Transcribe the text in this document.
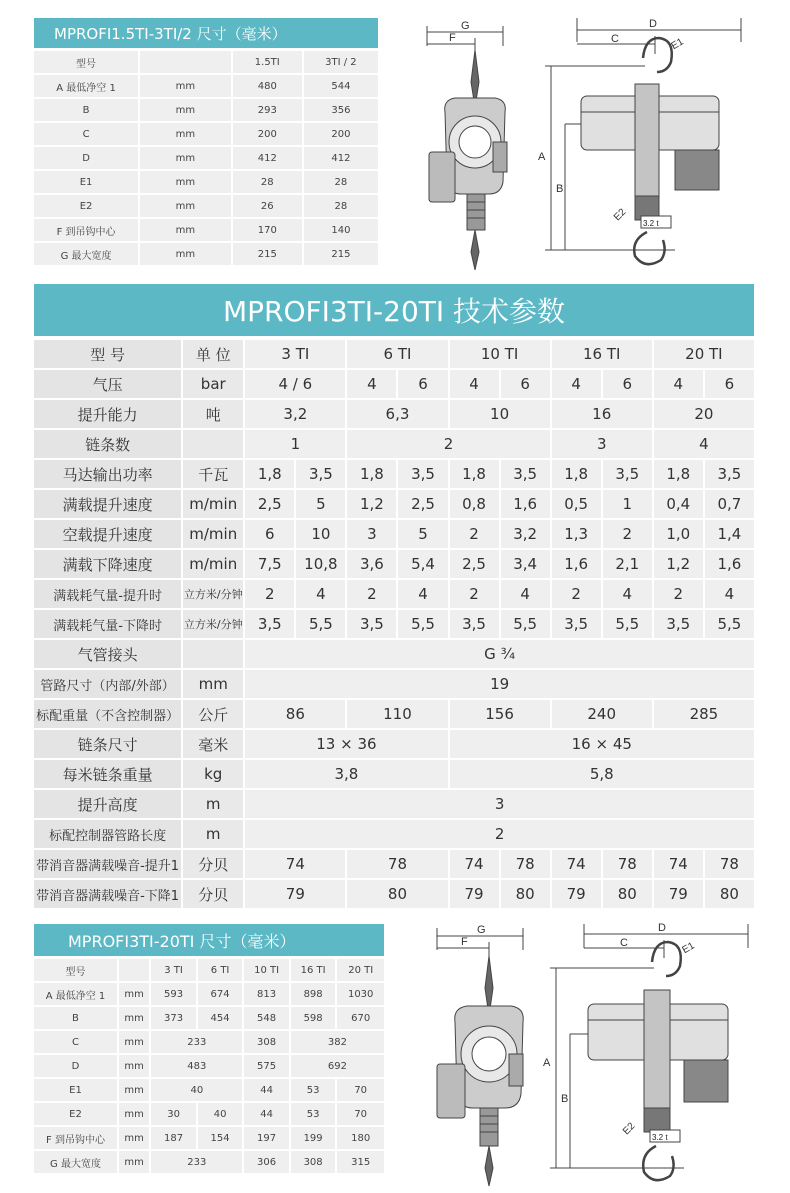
MPROFI1.5TI-3TI/2 尺寸（毫米）
型号		1.5TI	3TI / 2
A 最低净空 1	mm	480	544
B	mm	293	356
C	mm	200	200
D	mm	412	412
E1	mm	28	28
E2	mm	26	28
F 到吊钩中心	mm	170	140
G 最大宽度	mm	215	215
G
F
D
C	E1
A
B
E2
3.2 t
MPROFI3TI-20TI 技术参数
型 号	单 位	3 TI		6 TI		10 TI		16 TI		20 TI	
气压	bar	4 / 6		4	6	4	6	4	6	4	6
提升能力	吨	3,2		6,3		10		16		20	
链条数		1		2				3		4	
马达输出功率	千瓦	1,8	3,5	1,8	3,5	1,8	3,5	1,8	3,5	1,8	3,5
满载提升速度	m/min	2,5	5	1,2	2,5	0,8	1,6	0,5	1	0,4	0,7
空载提升速度	m/min	6	10	3	5	2	3,2	1,3	2	1,0	1,4
满载下降速度	m/min	7,5	10,8	3,6	5,4	2,5	3,4	1,6	2,1	1,2	1,6
满载耗气量-提升时	立方米/分钟	2	4	2	4	2	4	2	4	2	4
满载耗气量-下降时	立方米/分钟	3,5	5,5	3,5	5,5	3,5	5,5	3,5	5,5	3,5	5,5
气管接头		G ¾									
管路尺寸（内部/外部）	mm	19									
标配重量（不含控制器）	公斤	86		110		156		240		285	
链条尺寸	毫米	13 × 36				16 × 45					
每米链条重量	kg	3,8				5,8					
提升高度	m	3									
标配控制器管路长度	m	2									
带消音器满载噪音-提升1	分贝	74		78		74	78	74	78	74	78
带消音器满载噪音-下降1	分贝	79		80		79	80	79	80	79	80
MPROFI3TI-20TI 尺寸（毫米）
型号		3 TI	6 TI	10 TI	16 TI	20 TI
A 最低净空 1	mm	593	674	813	898	1030
B	mm	373	454	548	598	670
C	mm	233		308	382	
D	mm	483		575	692	
E1	mm	40		44	53	70
E2	mm	30	40	44	53	70
F 到吊钩中心	mm	187	154	197	199	180
G 最大宽度	mm	233		306	308	315
G
F
D
C	E1
A
B
E2
3.2 t
